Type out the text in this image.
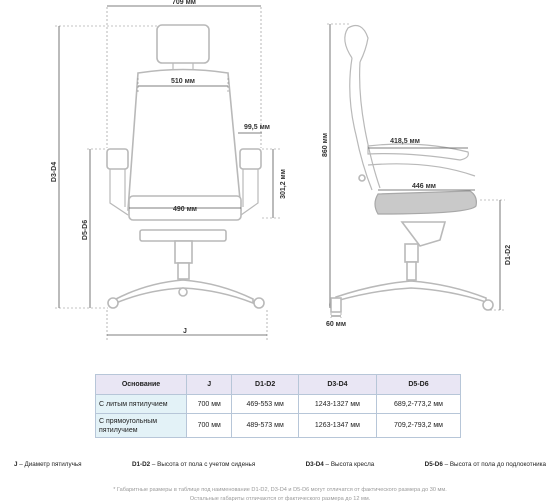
709 мм
510 мм
99,5 мм
490 мм
301,2 мм
D3-D4
D5-D6
J
860 мм	418,5 мм
446 мм
D1-D2
60 мм
Основание	J	D1-D2	D3-D4	D5-D6
С литым пятилучием	700 мм	469-553 мм	1243-1327 мм	689,2-773,2 мм
С прямоугольным пятилучием	700 мм	489-573 мм	1263-1347 мм	709,2-793,2 мм
J – Диаметр пятилучья	D1-D2 – Высота от пола с учетом сиденья	D3-D4 – Высота кресла	D5-D6 – Высота от пола до подлокотника
* Габаритные размеры в таблице под наименование D1-D2, D3-D4 и D5-D6 могут отличатся от фактического размера до 30 мм.
Остальные габариты отличаются от фактического размера до 12 мм.
